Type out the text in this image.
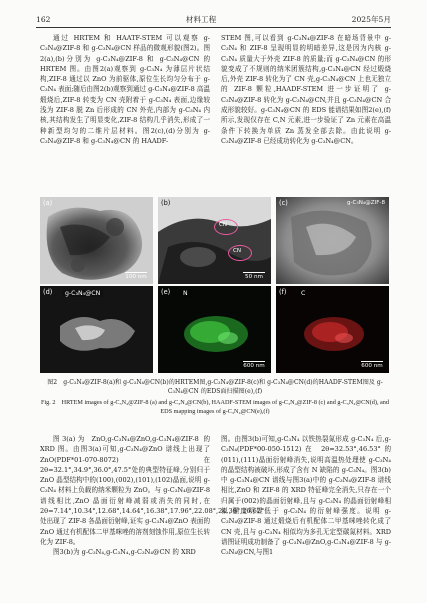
162	材料工程	2025年5月

通过 HRTEM 和 HAATF-STEM 可以观察 g-C₃N₄@ZIF-8 和 g-C₃N₄@CN 样品的微观形貌(图2)。图2(a),(b)分别为 g-C₃N₄@ZIF-8 和 g-C₃N₄@CN 的 HRTEM 图。由图2(a)观察到 g-C₃N₄ 为薄层片状结构,ZIF-8 通过以 ZnO 为前驱体,原位生长均匀分布于 g-C₃N₄ 表面;随后由图2(b)观察到通过 g-C₃N₄@ZIF-8 高温煅烧后,ZIF-8 转变为 CN 壳附着于 g-C₃N₄ 表面,边缘较浅为 ZIF-8 脱 Zn 后形成的 CN 外壳,内部为 g-C₃N₄ 内核,其结构发生了明显变化,ZIF-8 结构几乎消失,形成了一种新型均匀的二维片层材料。图2(c),(d)分别为 g-C₃N₄@ZIF-8 和 g-C₃N₄@CN 的 HAADF-

STEM 图,可以看到 g-C₃N₄@ZIF-8 在暗场背景中 g-C₃N₄ 和 ZIF-8 呈现明显的明暗差异,这是因为内核 g-C₃N₄ 质量大于外壳 ZIF-8 的质量;而 g-C₃N₄@CN 的形貌变成了不规则的纳米团簇结构,g-C₃N₄@CN 经过煅烧后,外壳 ZIF-8 转化为了 CN 壳,g-C₃N₄@CN 上也无独立的 ZIF-8 颗粒,HAADF-STEM 进一步证明了 g-C₃N₄@ZIF-8 转化为 g-C₃N₄@CN,并且 g-C₃N₄@CN 合成形貌较好。g-C₃N₄@CN 的 EDS 能谱结果如图2(e),(f)所示,发现仅存在 C,N 元素,进一步验证了 Zn 元素在高温条件下转换为单质 Zn 蒸发全部去除。由此说明 g-C₃N₄@ZIF-8 已经成功转化为 g-C₃N₄@CN。

(a)
100 nm
(b)
CN
CN
50 nm
(c)	g-C₃N₄@ZIF-8
(d)	g-C₃N₄@CN	(e)	N
600 nm
(f)	C
600 nm
图2　g-C₃N₄@ZIF-8(a)和 g-C₃N₄@CN(b)的HRTEM图,g-C₃N₄@ZIF-8(c)和 g-C₃N₄@CN(d)的HAADF-STEM图及 g-C₃N₄@CN 的EDS面扫描图(e),(f)
Fig. 2　HRTEM images of g-C₃N₄@ZIF-8 (a) and g-C₃N₄@CN(b), HAADF-STEM images of g-C₃N₄@ZIF-8 (c) and g-C₃N₄@CN(d), and EDS mapping images of g-C₃N₄@CN(e),(f)

图3(a)为 ZnO,g-C₃N₄@ZnO,g-C₃N₄@ZIF-8 的 XRD 图。由图3(a)可知,g-C₃N₄@ZnO 谱线上出现了 ZnO(PDF*01-070-8072)在 2θ=32.1°,34.9°,36.0°,47.5°处的典型特征峰,分别归于 ZnO 晶型结构中的(100),(002),(101),(102)晶面,说明 g-C₃N₄ 材料上负载的纳米颗粒为 ZnO。与 g-C₃N₄@ZIF-8 谱线相比,ZnO 晶面衍射峰减弱或消失的同时,在 2θ=7.14°,10.34°,12.68°,14.64°,16.38°,17.96°,22.08°,24.38°,26.62°处出现了 ZIF-8 各晶面衍射峰,证实 g-C₃N₄@ZnO 表面的 ZnO 通过有机配体二甲基咪唑的溶剂刻蚀作用,原位生长转化为 ZIF-8。

图3(b)为 g-C₃N₄,g-C₃N₄,g-C₃N₄@CN 的 XRD

图。由图3(b)可知,g-C₃N₄ 以铁热裂氮形成 g-C₃N₄ 后,g-C₃N₄(PDF*00-050-1512)在 2θ=32.53°,46.53°的(011),(111)晶面衍射峰消失,说明高温热处理使 g-C₃N₄ 的晶型结构被破坏,形成了含有 N 缺陷的 g-C₃N₄。图3(b)中 g-C₃N₄@CN 谱线与图3(a)中的 g-C₃N₄@ZIF-8 谱线相比,ZnO 和 ZIF-8 的 XRD 特征峰完全消失,只存在一个归属于(002)的晶面衍射峰,且与 g-C₃N₄ 的晶面衍射峰相似,强度明显低于 g-C₃N₄ 的衍射峰强度。说明 g-C₃N₄@ZIF-8 通过煅烧后有机配体二甲基咪唑转化成了 CN 壳,且与 g-C₃N₄ 相似均为多孔无定型碳氮材料。XRD 谱图证明成功制备了 g-C₃N₄@ZnO,g-C₃N₄@ZIF-8 与 g-C₃N₄@CN,与图1
